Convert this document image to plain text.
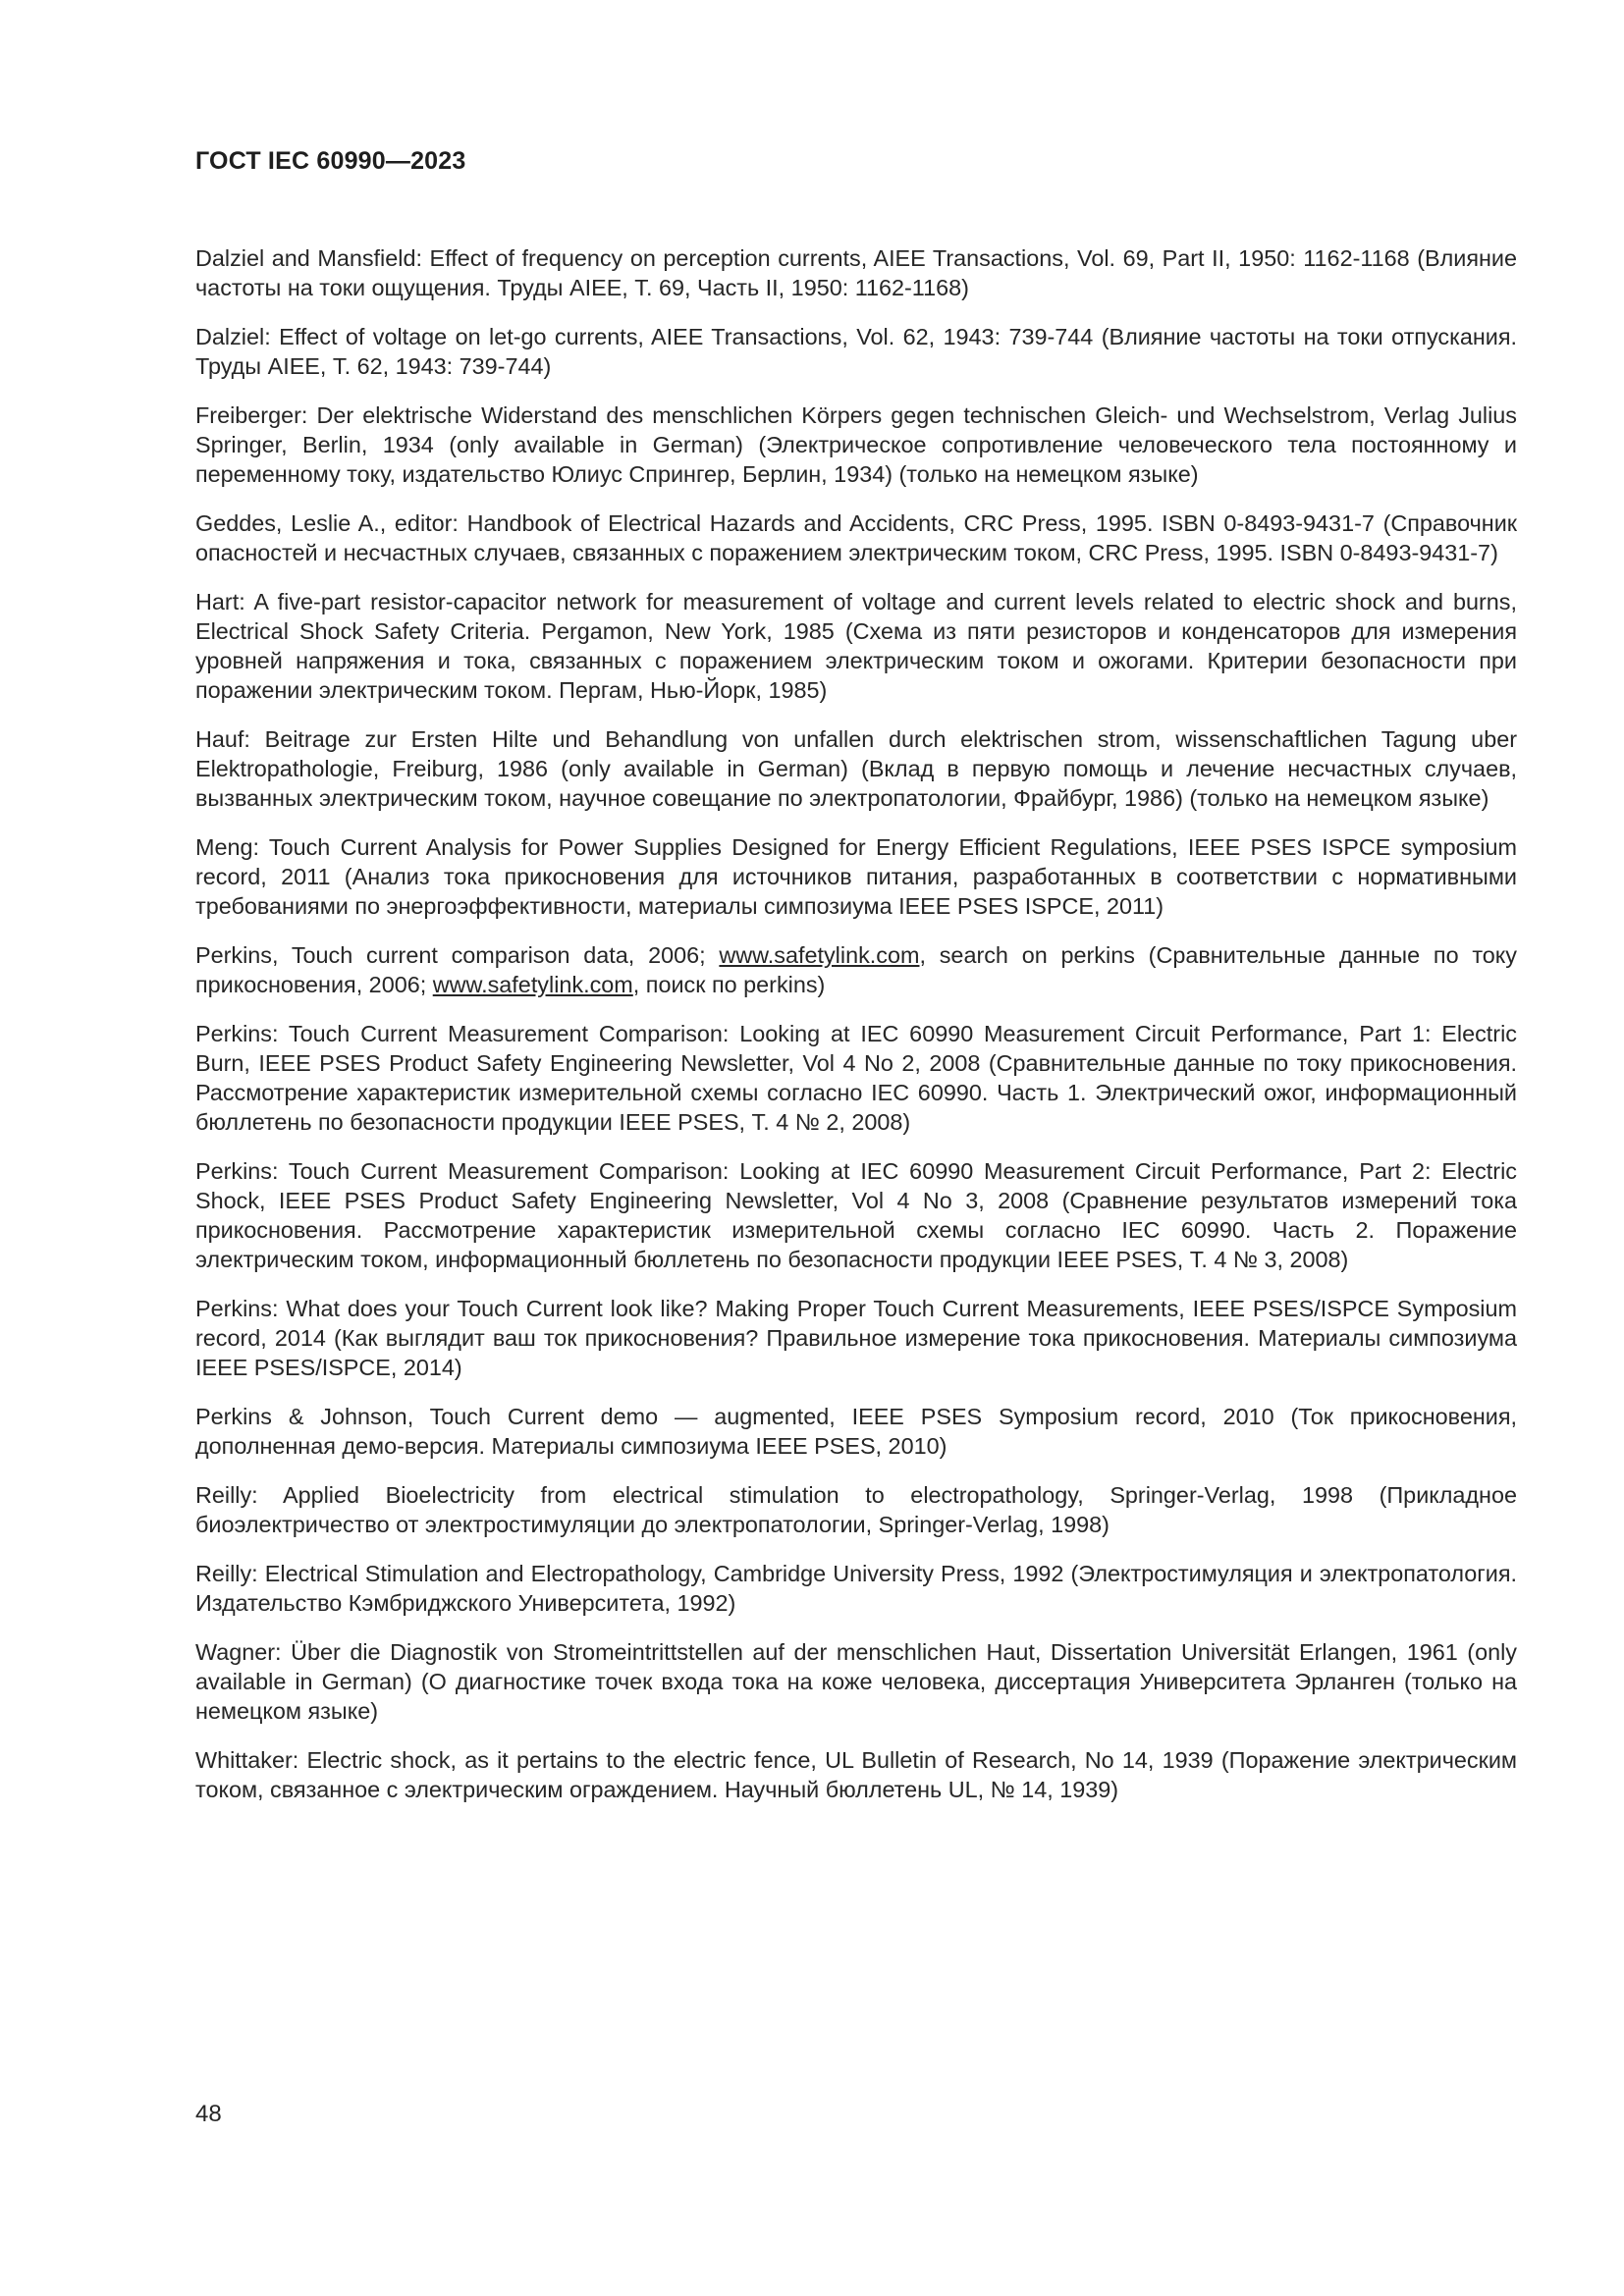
ГОСТ IEC 60990—2023
Dalziel and Mansfield: Effect of frequency on perception currents, AIEE Transactions, Vol. 69, Part II, 1950: 1162-1168 (Влияние частоты на токи ощущения. Труды AIEE, Т. 69, Часть II, 1950: 1162-1168)
Dalziel: Effect of voltage on let-go currents, AIEE Transactions, Vol. 62, 1943: 739-744 (Влияние частоты на токи отпускания. Труды AIEE, Т. 62, 1943: 739-744)
Freiberger: Der elektrische Widerstand des menschlichen Körpers gegen technischen Gleich- und Wechselstrom, Verlag Julius Springer, Berlin, 1934 (only available in German) (Электрическое сопротивление человеческого тела постоянному и переменному току, издательство Юлиус Спрингер, Берлин, 1934) (только на немецком языке)
Geddes, Leslie A., editor: Handbook of Electrical Hazards and Accidents, CRC Press, 1995. ISBN 0-8493-9431-7 (Справочник опасностей и несчастных случаев, связанных с поражением электрическим током, CRC Press, 1995. ISBN 0-8493-9431-7)
Hart: A five-part resistor-capacitor network for measurement of voltage and current levels related to electric shock and burns, Electrical Shock Safety Criteria. Pergamon, New York, 1985 (Схема из пяти резисторов и конденсаторов для измерения уровней напряжения и тока, связанных с поражением электрическим током и ожогами. Критерии безопасности при поражении электрическим током. Пергам, Нью-Йорк, 1985)
Hauf: Beitrage zur Ersten Hilte und Behandlung von unfallen durch elektrischen strom, wissenschaftlichen Tagung uber Elektropathologie, Freiburg, 1986 (only available in German) (Вклад в первую помощь и лечение несчастных случаев, вызванных электрическим током, научное совещание по электропатологии, Фрайбург, 1986) (только на немецком языке)
Meng: Touch Current Analysis for Power Supplies Designed for Energy Efficient Regulations, IEEE PSES ISPCE symposium record, 2011 (Анализ тока прикосновения для источников питания, разработанных в соответствии с нормативными требованиями по энергоэффективности, материалы симпозиума IEEE PSES ISPCE, 2011)
Perkins, Touch current comparison data, 2006; www.safetylink.com, search on perkins (Сравнительные данные по току прикосновения, 2006; www.safetylink.com, поиск по perkins)
Perkins: Touch Current Measurement Comparison: Looking at IEC 60990 Measurement Circuit Performance, Part 1: Electric Burn, IEEE PSES Product Safety Engineering Newsletter, Vol 4 No 2, 2008 (Сравнительные данные по току прикосновения. Рассмотрение характеристик измерительной схемы согласно IEC 60990. Часть 1. Электрический ожог, информационный бюллетень по безопасности продукции IEEE PSES, Т. 4 № 2, 2008)
Perkins: Touch Current Measurement Comparison: Looking at IEC 60990 Measurement Circuit Performance, Part 2: Electric Shock, IEEE PSES Product Safety Engineering Newsletter, Vol 4 No 3, 2008 (Сравнение результатов измерений тока прикосновения. Рассмотрение характеристик измерительной схемы согласно IEC 60990. Часть 2. Поражение электрическим током, информационный бюллетень по безопасности продукции IEEE PSES, Т. 4 № 3, 2008)
Perkins: What does your Touch Current look like? Making Proper Touch Current Measurements, IEEE PSES/ISPCE Symposium record, 2014 (Как выглядит ваш ток прикосновения? Правильное измерение тока прикосновения. Материалы симпозиума IEEE PSES/ISPCE, 2014)
Perkins & Johnson, Touch Current demo — augmented, IEEE PSES Symposium record, 2010 (Ток прикосновения, дополненная демо-версия. Материалы симпозиума IEEE PSES, 2010)
Reilly: Applied Bioelectricity from electrical stimulation to electropathology, Springer-Verlag, 1998 (Прикладное биоэлектричество от электростимуляции до электропатологии, Springer-Verlag, 1998)
Reilly: Electrical Stimulation and Electropathology, Cambridge University Press, 1992 (Электростимуляция и электропатология. Издательство Кэмбриджского Университета, 1992)
Wagner: Über die Diagnostik von Stromeintrittstellen auf der menschlichen Haut, Dissertation Universität Erlangen, 1961 (only available in German) (О диагностике точек входа тока на коже человека, диссертация Университета Эрланген (только на немецком языке)
Whittaker: Electric shock, as it pertains to the electric fence, UL Bulletin of Research, No 14, 1939 (Поражение электрическим током, связанное с электрическим ограждением. Научный бюллетень UL, № 14, 1939)
48
